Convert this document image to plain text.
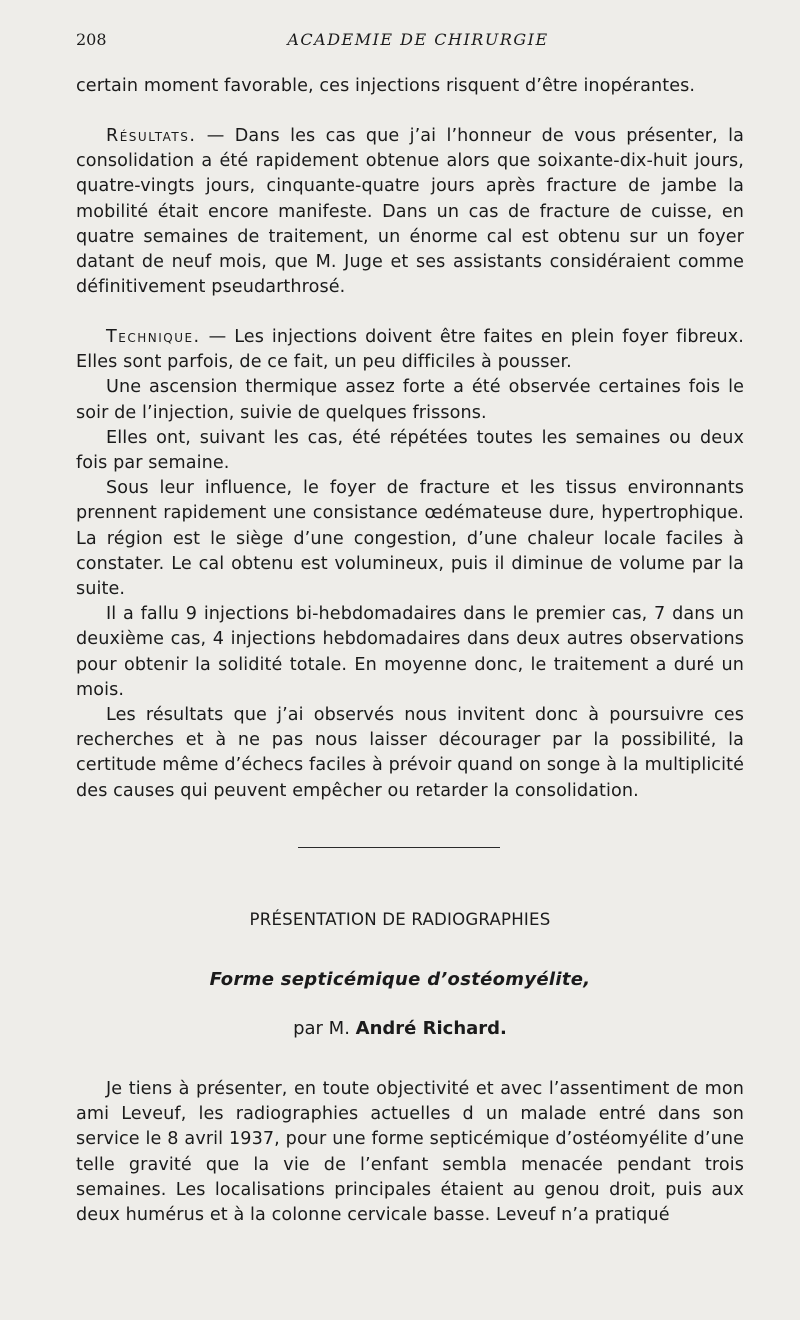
208	ACADEMIE DE CHIRURGIE

certain moment favorable, ces injections risquent d’être inopérantes.

Résultats. — Dans les cas que j’ai l’honneur de vous présenter, la consolidation a été rapidement obtenue alors que soixante-dix-huit jours, quatre-vingts jours, cinquante-quatre jours après fracture de jambe la mobilité était encore manifeste. Dans un cas de fracture de cuisse, en quatre semaines de traitement, un énorme cal est obtenu sur un foyer datant de neuf mois, que M. Juge et ses assistants considéraient comme définitivement pseudarthrosé.

Technique. — Les injections doivent être faites en plein foyer fibreux. Elles sont parfois, de ce fait, un peu difficiles à pousser.

Une ascension thermique assez forte a été observée certaines fois le soir de l’injection, suivie de quelques frissons.

Elles ont, suivant les cas, été répétées toutes les semaines ou deux fois par semaine.

Sous leur influence, le foyer de fracture et les tissus environnants prennent rapidement une consistance œdémateuse dure, hypertrophique. La région est le siège d’une congestion, d’une chaleur locale faciles à constater. Le cal obtenu est volumineux, puis il diminue de volume par la suite.

Il a fallu 9 injections bi-hebdomadaires dans le premier cas, 7 dans un deuxième cas, 4 injections hebdomadaires dans deux autres observations pour obtenir la solidité totale. En moyenne donc, le traitement a duré un mois.

Les résultats que j’ai observés nous invitent donc à poursuivre ces recherches et à ne pas nous laisser décourager par la possibilité, la certitude même d’échecs faciles à prévoir quand on songe à la multiplicité des causes qui peuvent empêcher ou retarder la consolidation.

PRÉSENTATION DE RADIOGRAPHIES
Forme septicémique d’ostéomyélite,
par M. André Richard.

Je tiens à présenter, en toute objectivité et avec l’assentiment de mon ami Leveuf, les radiographies actuelles d un malade entré dans son service le 8 avril 1937, pour une forme septicémique d’ostéomyélite d’une telle gravité que la vie de l’enfant sembla menacée pendant trois semaines. Les localisations principales étaient au genou droit, puis aux deux humérus et à la colonne cervicale basse. Leveuf n’a pratiqué
